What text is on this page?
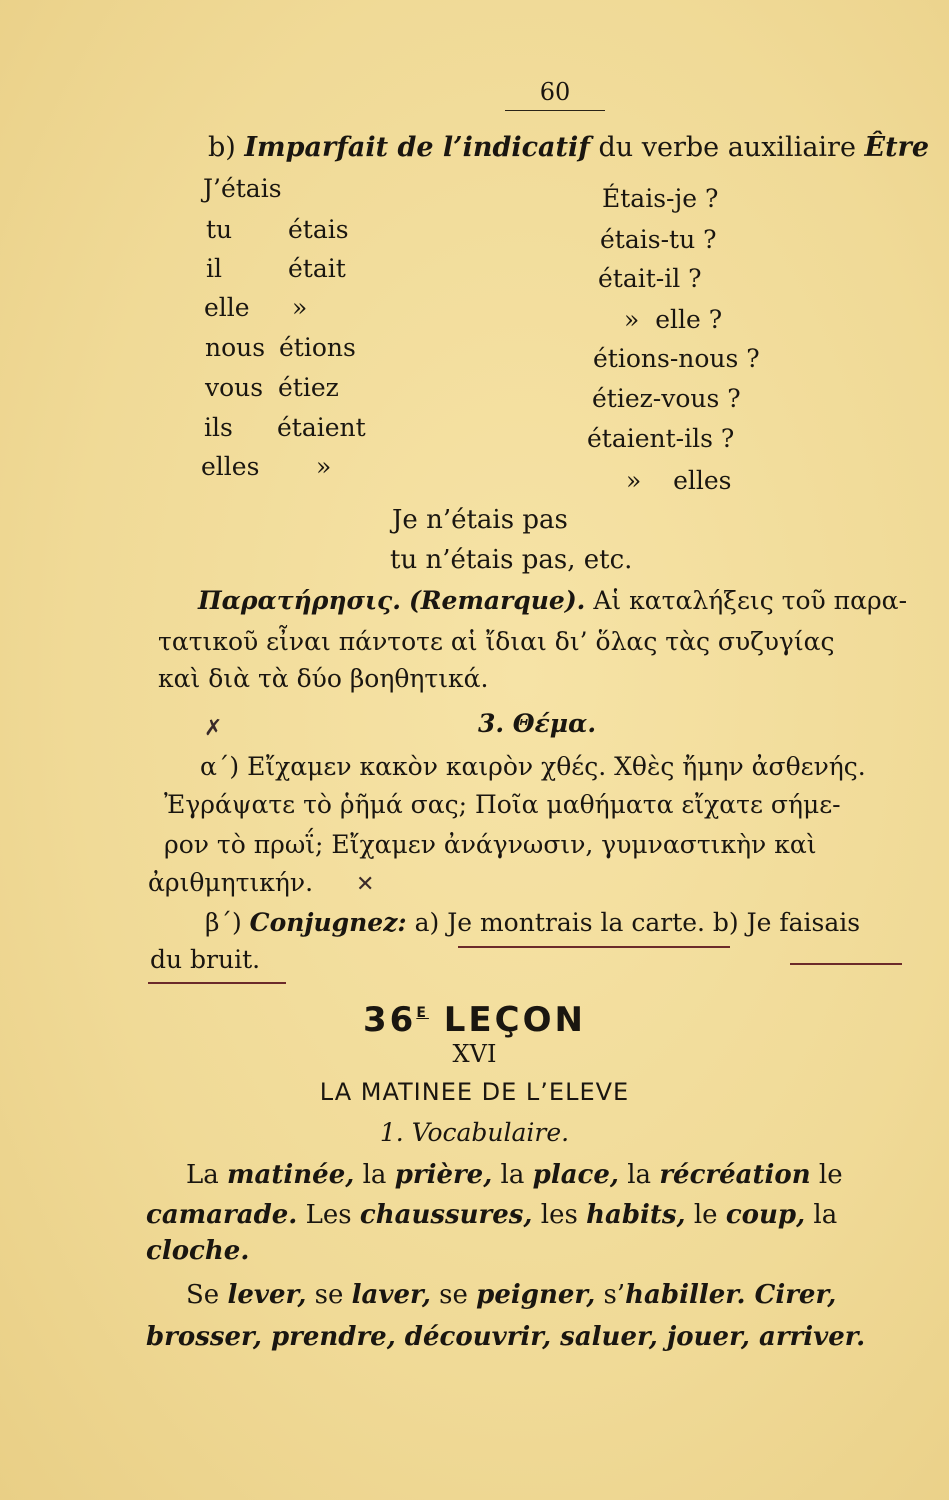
60
b) Imparfait de l’indicatif du verbe auxiliaire Être
J’étais
tu étais
il	était
elle »
nous étions
vous étiez
ils étaient
elles »
Étais-je ?
étais-tu ?
était-il ?
»  elle ?
étions-nous ?
étiez-vous ?
étaient-ils ?
»    elles
Je n’étais pas
tu n’étais pas, etc.
Παρατήρησις. (Remarque). Αἱ καταλήξεις τοῦ παρα-
τατικοῦ εἶναι πάντοτε αἱ ἴδιαι δι’ ὅλας τὰς συζυγίας
καὶ διὰ τὰ δύο βοηθητικά.
3. Θέμα.
α΄) Εἴχαμεν κακὸν καιρὸν χθές. Χθὲς ἤμην ἀσθενής.
Ἐγράψατε τὸ ῥῆμά σας; Ποῖα μαθήματα εἴχατε σήμε-
ρον τὸ πρωΐ; Εἴχαμεν ἀνάγνωσιν, γυμναστικὴν καὶ
ἀριθμητικήν. ✕
✗
β΄) Conjugnez: a) Je montrais la carte. b) Je faisais
du bruit.
$36^E$ LEÇON
XVI
LA MATINEE DE L’ELEVE
1. Vocabulaire.
La matinée, la prière, la place, la récréation le
camarade. Les chaussures, les habits, le coup, la
cloche.
Se lever, se laver, se peigner, s’habiller. Cirer,
brosser, prendre, découvrir, saluer, jouer, arriver.
